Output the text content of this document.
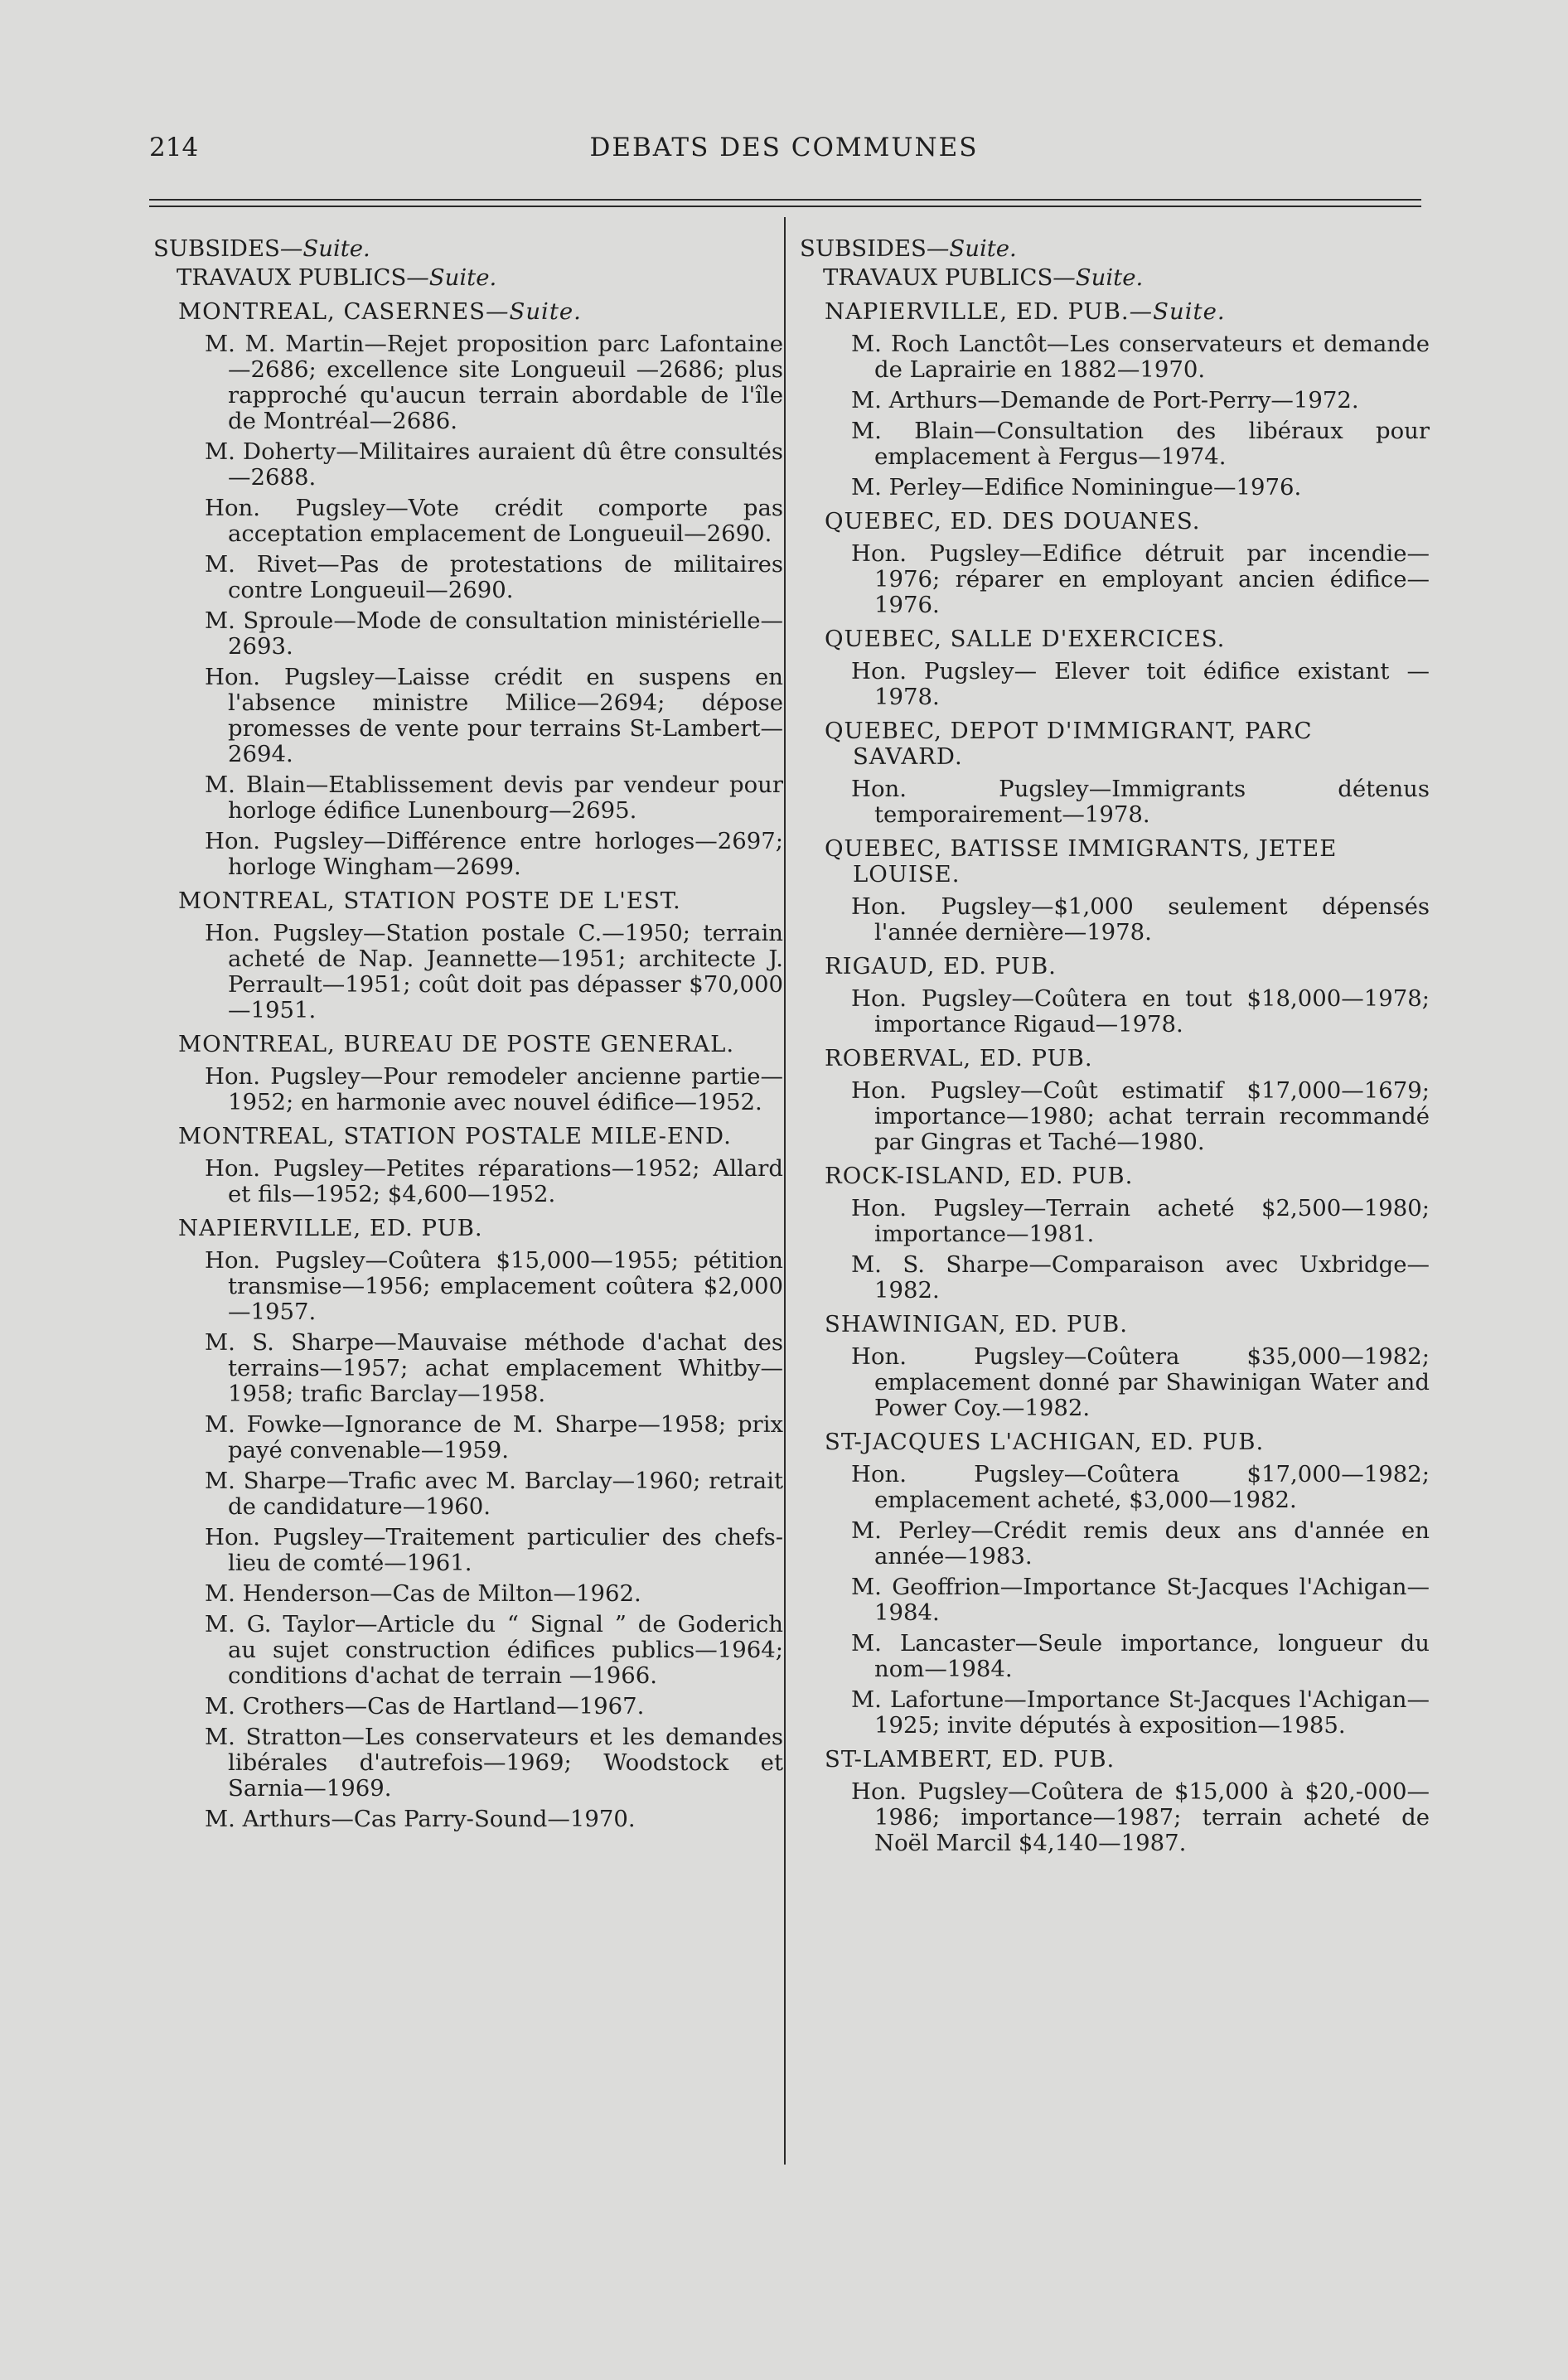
214	DEBATS DES COMMUNES
SUBSIDES—Suite.
TRAVAUX PUBLICS—Suite.
MONTREAL, CASERNES—Suite.
M. M. Martin—Rejet proposition parc Lafontaine—2686; excellence site Longueuil —2686; plus rapproché qu'aucun terrain abordable de l'île de Montréal—2686.
M. Doherty—Militaires auraient dû être consultés—2688.
Hon. Pugsley—Vote crédit comporte pas acceptation emplacement de Longueuil—2690.
M. Rivet—Pas de protestations de militaires contre Longueuil—2690.
M. Sproule—Mode de consultation ministérielle—2693.
Hon. Pugsley—Laisse crédit en suspens en l'absence ministre Milice—2694; dépose promesses de vente pour terrains St-Lambert—2694.
M. Blain—Etablissement devis par vendeur pour horloge édifice Lunenbourg—2695.
Hon. Pugsley—Différence entre horloges—2697; horloge Wingham—2699.
MONTREAL, STATION POSTE DE L'EST.
Hon. Pugsley—Station postale C.—1950; terrain acheté de Nap. Jeannette—1951; architecte J. Perrault—1951; coût doit pas dépasser $70,000—1951.
MONTREAL, BUREAU DE POSTE GENERAL.
Hon. Pugsley—Pour remodeler ancienne partie—1952; en harmonie avec nouvel édifice—1952.
MONTREAL, STATION POSTALE MILE-END.
Hon. Pugsley—Petites réparations—1952; Allard et fils—1952; $4,600—1952.
NAPIERVILLE, ED. PUB.
Hon. Pugsley—Coûtera $15,000—1955; pétition transmise—1956; emplacement coûtera $2,000—1957.
M. S. Sharpe—Mauvaise méthode d'achat des terrains—1957; achat emplacement Whitby—1958; trafic Barclay—1958.
M. Fowke—Ignorance de M. Sharpe—1958; prix payé convenable—1959.
M. Sharpe—Trafic avec M. Barclay—1960; retrait de candidature—1960.
Hon. Pugsley—Traitement particulier des chefs-lieu de comté—1961.
M. Henderson—Cas de Milton—1962.
M. G. Taylor—Article du “ Signal ” de Goderich au sujet construction édifices publics—1964; conditions d'achat de terrain —1966.
M. Crothers—Cas de Hartland—1967.
M. Stratton—Les conservateurs et les demandes libérales d'autrefois—1969; Woodstock et Sarnia—1969.
M. Arthurs—Cas Parry-Sound—1970.
SUBSIDES—Suite.
TRAVAUX PUBLICS—Suite.
NAPIERVILLE, ED. PUB.—Suite.
M. Roch Lanctôt—Les conservateurs et demande de Laprairie en 1882—1970.
M. Arthurs—Demande de Port-Perry—1972.
M. Blain—Consultation des libéraux pour emplacement à Fergus—1974.
M. Perley—Edifice Nominingue—1976.
QUEBEC, ED. DES DOUANES.
Hon. Pugsley—Edifice détruit par incendie—1976; réparer en employant ancien édifice—1976.
QUEBEC, SALLE D'EXERCICES.
Hon. Pugsley— Elever toit édifice existant —1978.
QUEBEC, DEPOT D'IMMIGRANT, PARC SAVARD.
Hon. Pugsley—Immigrants détenus temporairement—1978.
QUEBEC, BATISSE IMMIGRANTS, JETEE LOUISE.
Hon. Pugsley—$1,000 seulement dépensés l'année dernière—1978.
RIGAUD, ED. PUB.
Hon. Pugsley—Coûtera en tout $18,000—1978; importance Rigaud—1978.
ROBERVAL, ED. PUB.
Hon. Pugsley—Coût estimatif $17,000—1679; importance—1980; achat terrain recommandé par Gingras et Taché—1980.
ROCK-ISLAND, ED. PUB.
Hon. Pugsley—Terrain acheté $2,500—1980; importance—1981.
M. S. Sharpe—Comparaison avec Uxbridge—1982.
SHAWINIGAN, ED. PUB.
Hon. Pugsley—Coûtera $35,000—1982; emplacement donné par Shawinigan Water and Power Coy.—1982.
ST-JACQUES L'ACHIGAN, ED. PUB.
Hon. Pugsley—Coûtera $17,000—1982; emplacement acheté, $3,000—1982.
M. Perley—Crédit remis deux ans d'année en année—1983.
M. Geoffrion—Importance St-Jacques l'Achigan—1984.
M. Lancaster—Seule importance, longueur du nom—1984.
M. Lafortune—Importance St-Jacques l'Achigan—1925; invite députés à exposition—1985.
ST-LAMBERT, ED. PUB.
Hon. Pugsley—Coûtera de $15,000 à $20,-000—1986; importance—1987; terrain acheté de Noël Marcil $4,140—1987.
